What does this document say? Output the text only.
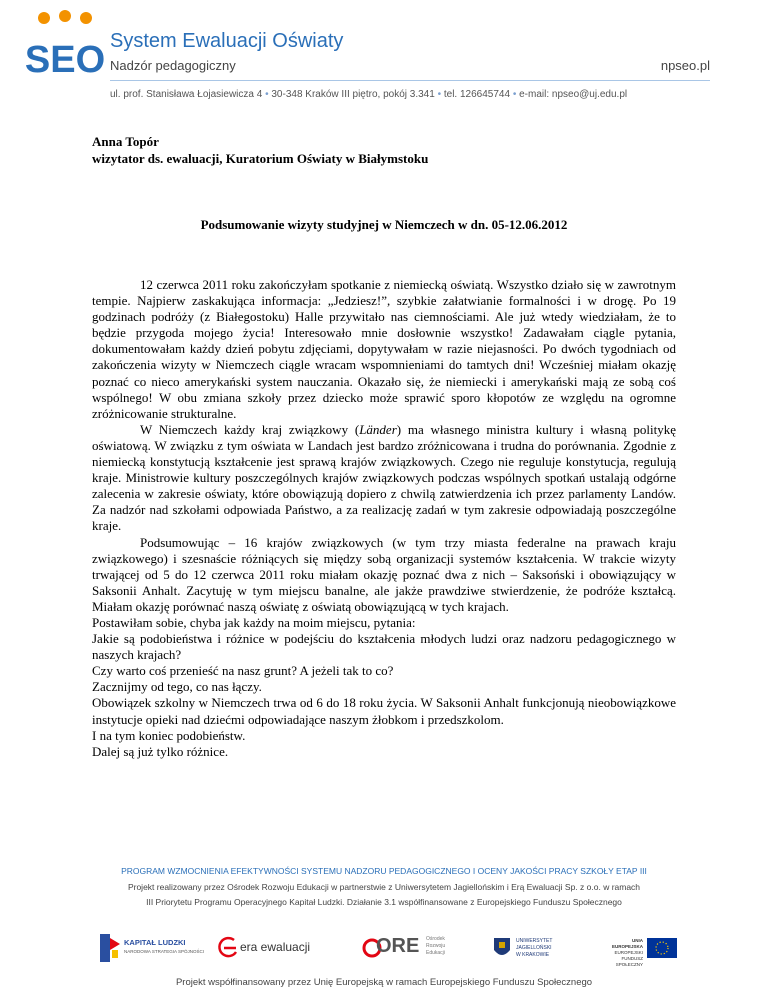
SEO System Ewaluacji Oświaty
Nadzór pedagogiczny	npseo.pl
ul. prof. Stanisława Łojasiewicza 4 • 30-348 Kraków III piętro, pokój 3.341 • tel. 126645744 • e-mail: npseo@uj.edu.pl
Anna Topór
wizytator ds. ewaluacji, Kuratorium Oświaty w Białymstoku
Podsumowanie wizyty studyjnej w Niemczech w dn. 05-12.06.2012

12 czerwca 2011 roku zakończyłam spotkanie z niemiecką oświatą. Wszystko działo się w zawrotnym tempie. Najpierw zaskakująca informacja: „Jedziesz!”, szybkie załatwianie formalności i w drogę. Po 19 godzinach podróży (z Białegostoku) Halle przywitało nas ciemnościami. Ale już wtedy wiedziałam, że to będzie przygoda mojego życia! Interesowało mnie dosłownie wszystko! Zadawałam ciągle pytania, dokumentowałam każdy dzień pobytu zdjęciami, dopytywałam w razie niejasności. Po dwóch tygodniach od zakończenia wizyty w Niemczech ciągle wracam wspomnieniami do tamtych dni! Wcześniej miałam okazję poznać co nieco amerykański system nauczania. Okazało się, że niemiecki i amerykański mają ze sobą coś wspólnego! W obu zmiana szkoły przez dziecko może sprawić sporo kłopotów ze względu na ogromne zróżnicowanie strukturalne.

W Niemczech każdy kraj związkowy (Länder) ma własnego ministra kultury i własną politykę oświatową. W związku z tym oświata w Landach jest bardzo zróżnicowana i trudna do porównania. Zgodnie z niemiecką konstytucją kształcenie jest sprawą krajów związkowych. Czego nie reguluje konstytucja, regulują kraje. Ministrowie kultury poszczególnych krajów związkowych podczas wspólnych spotkań ustalają odgórne zalecenia w zakresie oświaty, które obowiązują dopiero z chwilą zatwierdzenia ich przez parlamenty Landów. Za nadzór nad szkołami odpowiada Państwo, a za realizację zadań w tym zakresie odpowiadają poszczególne kraje.

Podsumowując – 16 krajów związkowych (w tym trzy miasta federalne na prawach kraju związkowego) i szesnaście różniących się między sobą organizacji systemów kształcenia. W trakcie wizyty trwającej od 5 do 12 czerwca 2011 roku miałam okazję poznać dwa z nich – Saksoński i obowiązujący w Saksonii Anhalt. Zacytuję w tym miejscu banalne, ale jakże prawdziwe stwierdzenie, że podróże kształcą. Miałam okazję porównać naszą oświatę z oświatą obowiązującą w tych krajach.

Postawiłam sobie, chyba jak każdy na moim miejscu, pytania:

Jakie są podobieństwa i różnice w podejściu do kształcenia młodych ludzi oraz nadzoru pedagogicznego w naszych krajach?

Czy warto coś przenieść na nasz grunt? A jeżeli tak to co?

Zacznijmy od tego, co nas łączy.

Obowiązek szkolny w Niemczech trwa od 6 do 18 roku życia. W Saksonii Anhalt funkcjonują nieobowiązkowe instytucje opieki nad dziećmi odpowiadające naszym żłobkom i przedszkolom.

I na tym koniec podobieństw.

Dalej są już tylko różnice.

PROGRAM WZMOCNIENIA EFEKTYWNOŚCI SYSTEMU NADZORU PEDAGOGICZNEGO I OCENY JAKOŚCI PRACY SZKOŁY ETAP III
Projekt realizowany przez Ośrodek Rozwoju Edukacji w partnerstwie z Uniwersytetem Jagiellońskim i Erą Ewaluacji Sp. z o.o. w ramach
III Priorytetu Programu Operacyjnego Kapitał Ludzki. Działanie 3.1 współfinansowane z Europejskiego Funduszu Społecznego
KAPITAŁ LUDZKI
NARODOWA STRATEGIA SPÓJNOŚCI	era ewaluacji	ORE Ośrodek
Rozwoju
Edukacji
UNIWERSYTET
JAGIELLOŃSKI
W KRAKOWIE
UNIA EUROPEJSKA
EUROPEJSKI
FUNDUSZ SPOŁECZNY
Projekt współfinansowany przez Unię Europejską w ramach Europejskiego Funduszu Społecznego
